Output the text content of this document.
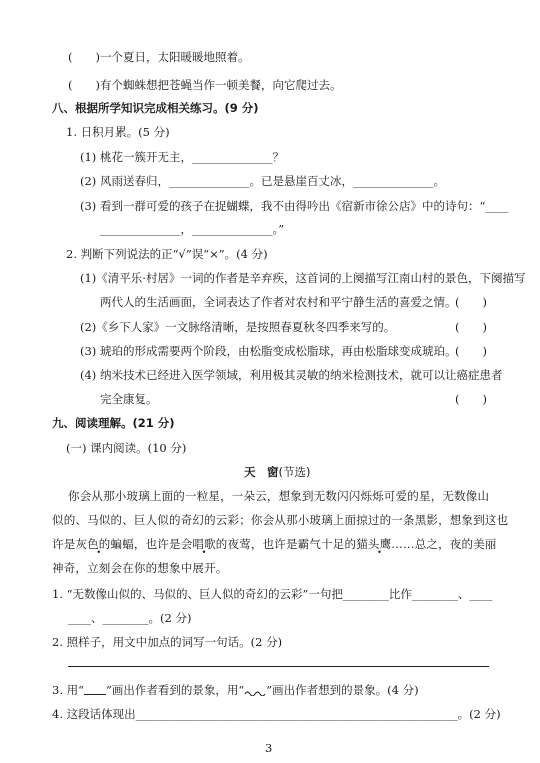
(　　)一个夏日，太阳暖暖地照着。
(　　)有个蜘蛛想把苍蝇当作一顿美餐，向它爬过去。
八、根据所学知识完成相关练习。(9 分)
1. 日积月累。(5 分)
(1) 桃花一簇开无主，______________？
(2) 风雨送春归，______________。已是悬崖百丈冰，______________。
(3) 看到一群可爱的孩子在捉蝴蝶，我不由得吟出《宿新市徐公店》中的诗句：“____
______________，______________。”
2. 判断下列说法的正“√”误“×”。(4 分)
(1)《清平乐·村居》一词的作者是辛弃疾，这首词的上阕描写江南山村的景色，下阕描写
两代人的生活画面，全词表达了作者对农村和平宁静生活的喜爱之情。
(　　)
(2)《乡下人家》一文脉络清晰，是按照春夏秋冬四季来写的。	(　　)
(3) 琥珀的形成需要两个阶段，由松脂变成松脂球，再由松脂球变成琥珀。
(　　)
(4) 纳米技术已经进入医学领域，利用极其灵敏的纳米检测技术，就可以让癌症患者
完全康复。	(　　)
九、阅读理解。(21 分)
(一) 课内阅读。(10 分)
天　窗(节选)
你会从那小玻璃上面的一粒星，一朵云，想象到无数闪闪烁烁可爱的星，无数像山
似的、马似的、巨人似的奇幻的云彩；你会从那小玻璃上面掠过的一条黑影，想象到这也
许是灰色的蝙蝠， •也许是会唱歌的夜莺， •也许是霸气十足的猫头鹰……总之，夜的美丽 •
神奇，立刻会在你的想象中展开。
1. “无数像山似的、马似的、巨人似的奇幻的云彩”一句把________比作________、____
____、________。(2 分)
2. 照样子，用文中加点的词写一句话。(2 分)
3. 用“ ”画出作者看到的景象，用“ ”画出作者想到的景象。(4 分)
4. 这段话体现出________________________________________________________。(2 分)
3
